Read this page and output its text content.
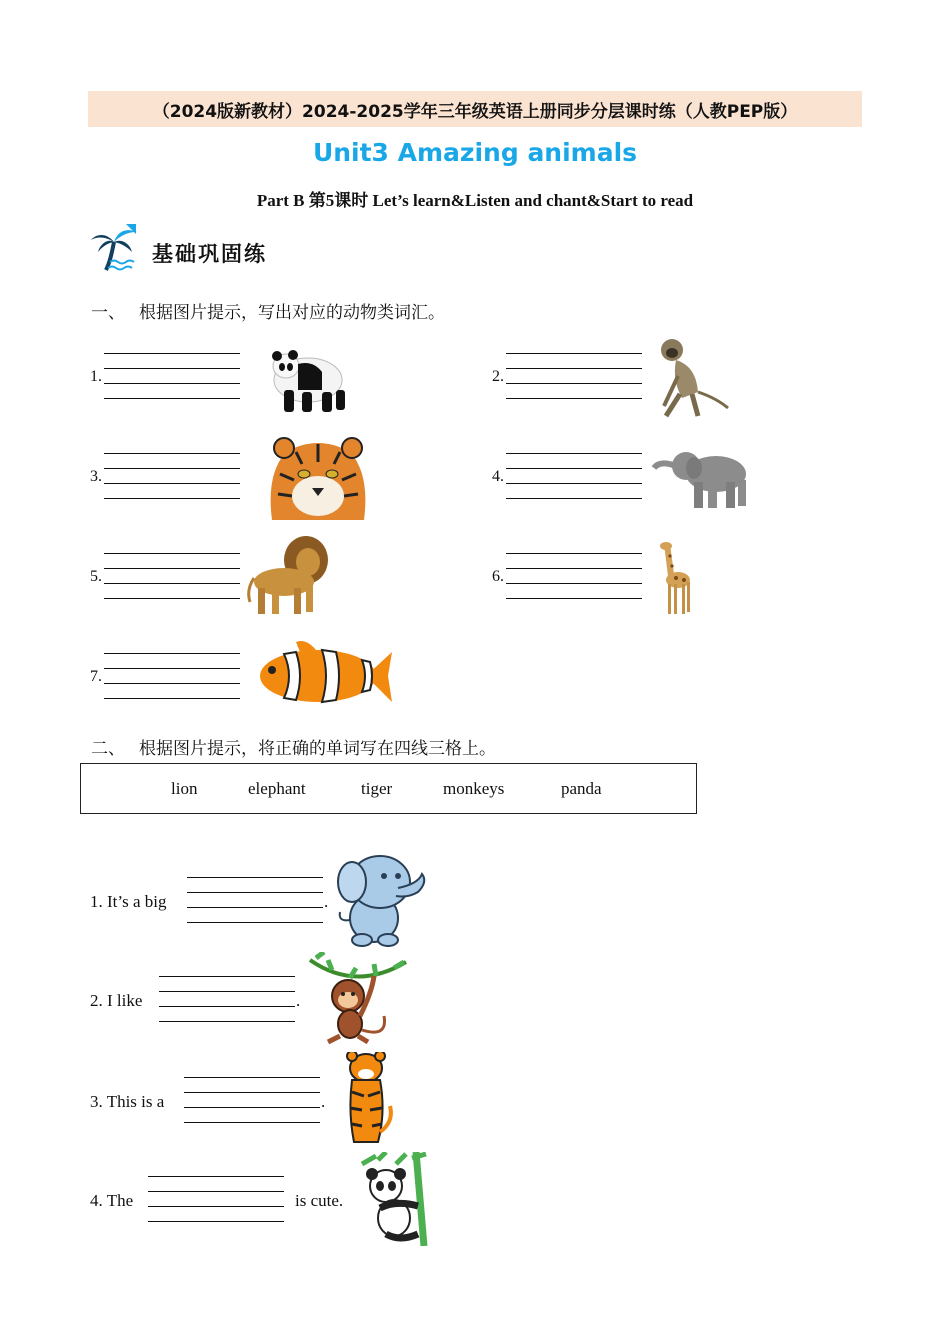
（2024版新教材）2024-2025学年三年级英语上册同步分层课时练（人教PEP版）
Unit3 Amazing animals
Part B 第5课时 Let’s learn&Listen and chant&Start to read
基础巩固练
一、 根据图片提示，写出对应的动物类词汇。
1.	2.
3.	4.
5.	6.
7.
二、 根据图片提示，将正确的单词写在四线三格上。
lion	elephant	tiger	monkeys	panda
1. It’s a big	.
2. I like	.
3. This is a	.
4. The	is cute.
